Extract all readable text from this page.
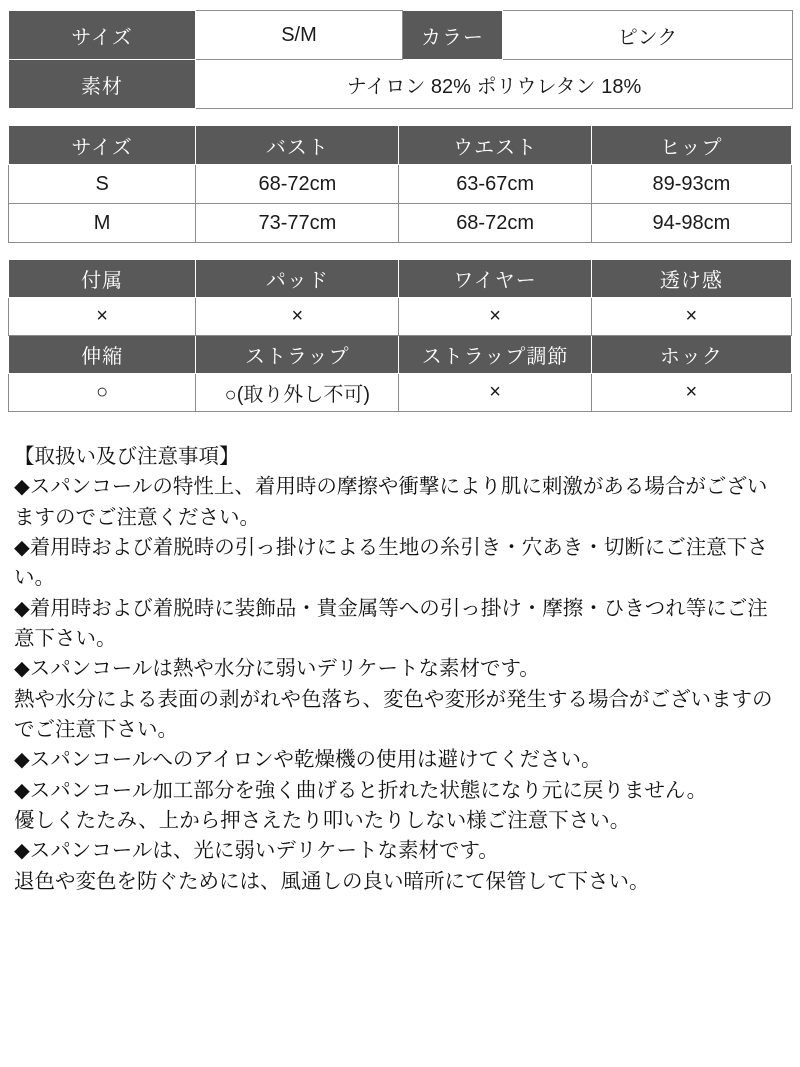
サイズ	S/M	カラー	ピンク
素材	ナイロン 82% ポリウレタン 18%		
サイズ	バスト	ウエスト	ヒップ
S	68-72cm	63-67cm	89-93cm
M	73-77cm	68-72cm	94-98cm
付属	パッド	ワイヤー	透け感
×	×	×	×
伸縮	ストラップ	ストラップ調節	ホック
○	○(取り外し不可)	×	×
【取扱い及び注意事項】
◆スパンコールの特性上、着用時の摩擦や衝撃により肌に刺激がある場合がござい
ますのでご注意ください。
◆着用時および着脱時の引っ掛けによる生地の糸引き・穴あき・切断にご注意下さい。
◆着用時および着脱時に装飾品・貴金属等への引っ掛け・摩擦・ひきつれ等にご注
意下さい。
◆スパンコールは熱や水分に弱いデリケートな素材です。
熱や水分による表面の剥がれや色落ち、変色や変形が発生する場合がございますの
でご注意下さい。
◆スパンコールへのアイロンや乾燥機の使用は避けてください。
◆スパンコール加工部分を強く曲げると折れた状態になり元に戻りません。
優しくたたみ、上から押さえたり叩いたりしない様ご注意下さい。
◆スパンコールは、光に弱いデリケートな素材です。
退色や変色を防ぐためには、風通しの良い暗所にて保管して下さい。
